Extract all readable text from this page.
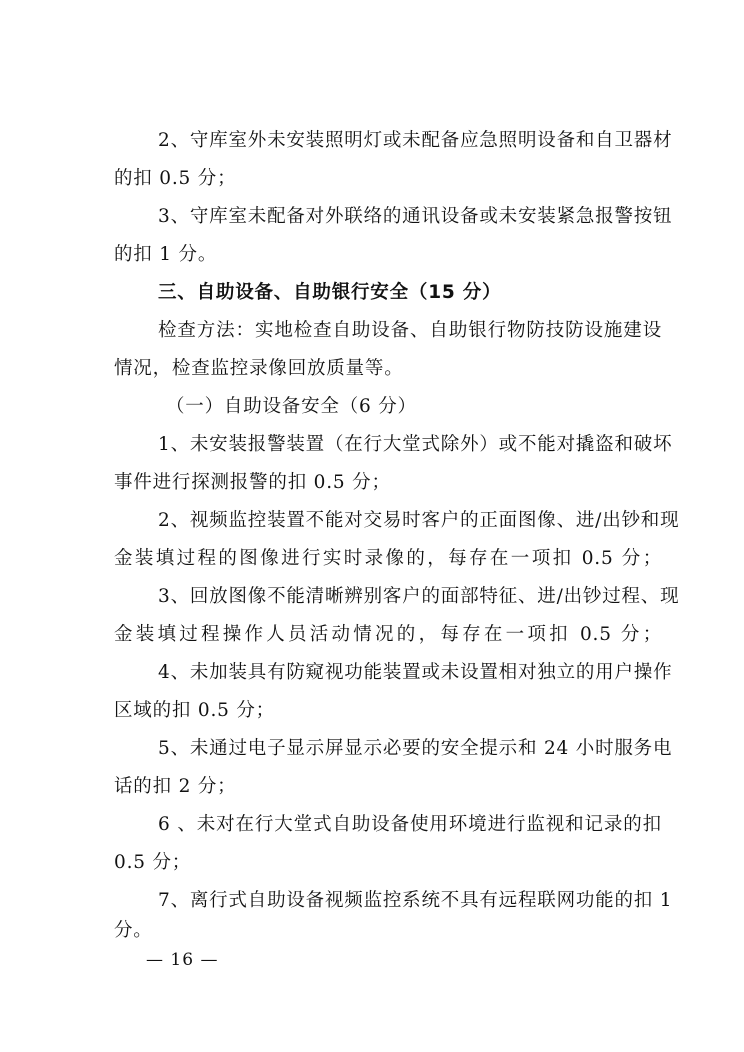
2、守库室外未安装照明灯或未配备应急照明设备和自卫器材
的扣 0.5 分；
3、守库室未配备对外联络的通讯设备或未安装紧急报警按钮
的扣 1 分。
三、自助设备、自助银行安全（15 分）
检查方法：实地检查自助设备、自助银行物防技防设施建设
情况，检查监控录像回放质量等。
（一）自助设备安全（6 分）
1、未安装报警装置（在行大堂式除外）或不能对撬盗和破坏
事件进行探测报警的扣 0.5 分；
2、视频监控装置不能对交易时客户的正面图像、进/出钞和现
金装填过程的图像进行实时录像的，每存在一项扣 0.5 分；
3、回放图像不能清晰辨别客户的面部特征、进/出钞过程、现
金装填过程操作人员活动情况的，每存在一项扣 0.5 分；
4、未加装具有防窥视功能装置或未设置相对独立的用户操作
区域的扣 0.5 分；
5、未通过电子显示屏显示必要的安全提示和 24 小时服务电
话的扣 2 分；
6 、未对在行大堂式自助设备使用环境进行监视和记录的扣
0.5 分；
7、离行式自助设备视频监控系统不具有远程联网功能的扣 1
分。
— 16 —
